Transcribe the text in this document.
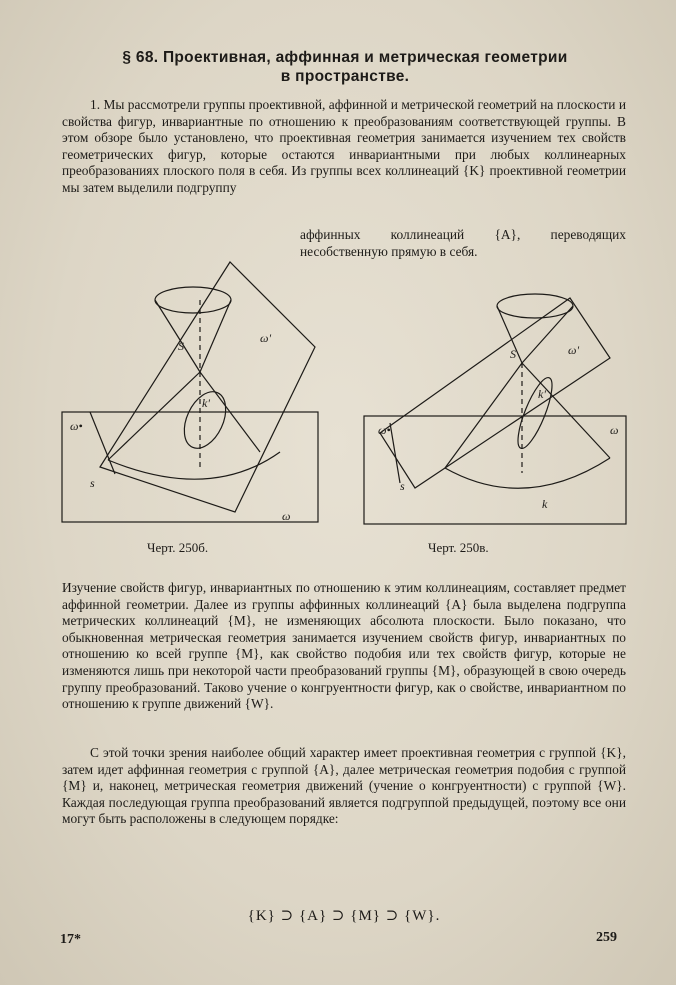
§ 68. Проективная, аффинная и метрическая геометрии
в пространстве.

1. Мы рассмотрели группы проективной, аффинной и метрической геометрий на плоскости и свойства фигур, инвариантные по отношению к преобразованиям соответствующей группы. В этом обзоре было установлено, что проективная геометрия занимается изучением тех свойств геометрических фигур, которые остаются инвариантными при любых коллинеарных преобразованиях плоского поля в себя. Из группы всех коллинеаций {K} проективной геометрии мы затем выделили подгруппу

аффинных коллинеаций {A}, переводящих несобственную прямую в себя.

S
ω'
k'
ω•
s
ω
S	ω'
k'
ω•
s
ω
k
Черт. 250б.	Черт. 250в.

Изучение свойств фигур, инвариантных по отношению к этим коллинеациям, составляет предмет аффинной геометрии. Далее из группы аффинных коллинеаций {A} была выделена подгруппа метрических коллинеаций {M}, не изменяющих абсолюта плоскости. Было показано, что обыкновенная метрическая геометрия занимается изучением свойств фигур, инвариантных по отношению ко всей группе {M}, как свойство подобия или тех свойств фигур, которые не изменяются лишь при некоторой части преобразований группы {M}, образующей в свою очередь группу преобразований. Таково учение о конгруентности фигур, как о свойстве, инвариантном по отношению к группе движений {W}.

С этой точки зрения наиболее общий характер имеет проективная геометрия с группой {K}, затем идет аффинная геометрия с группой {A}, далее метрическая геометрия подобия с группой {M} и, наконец, метрическая геометрия движений (учение о конгруентности) с группой {W}. Каждая последующая группа преобразований является подгруппой предыдущей, поэтому все они могут быть расположены в следующем порядке:

{K} ⊃ {A} ⊃ {M} ⊃ {W}.
17*	259
